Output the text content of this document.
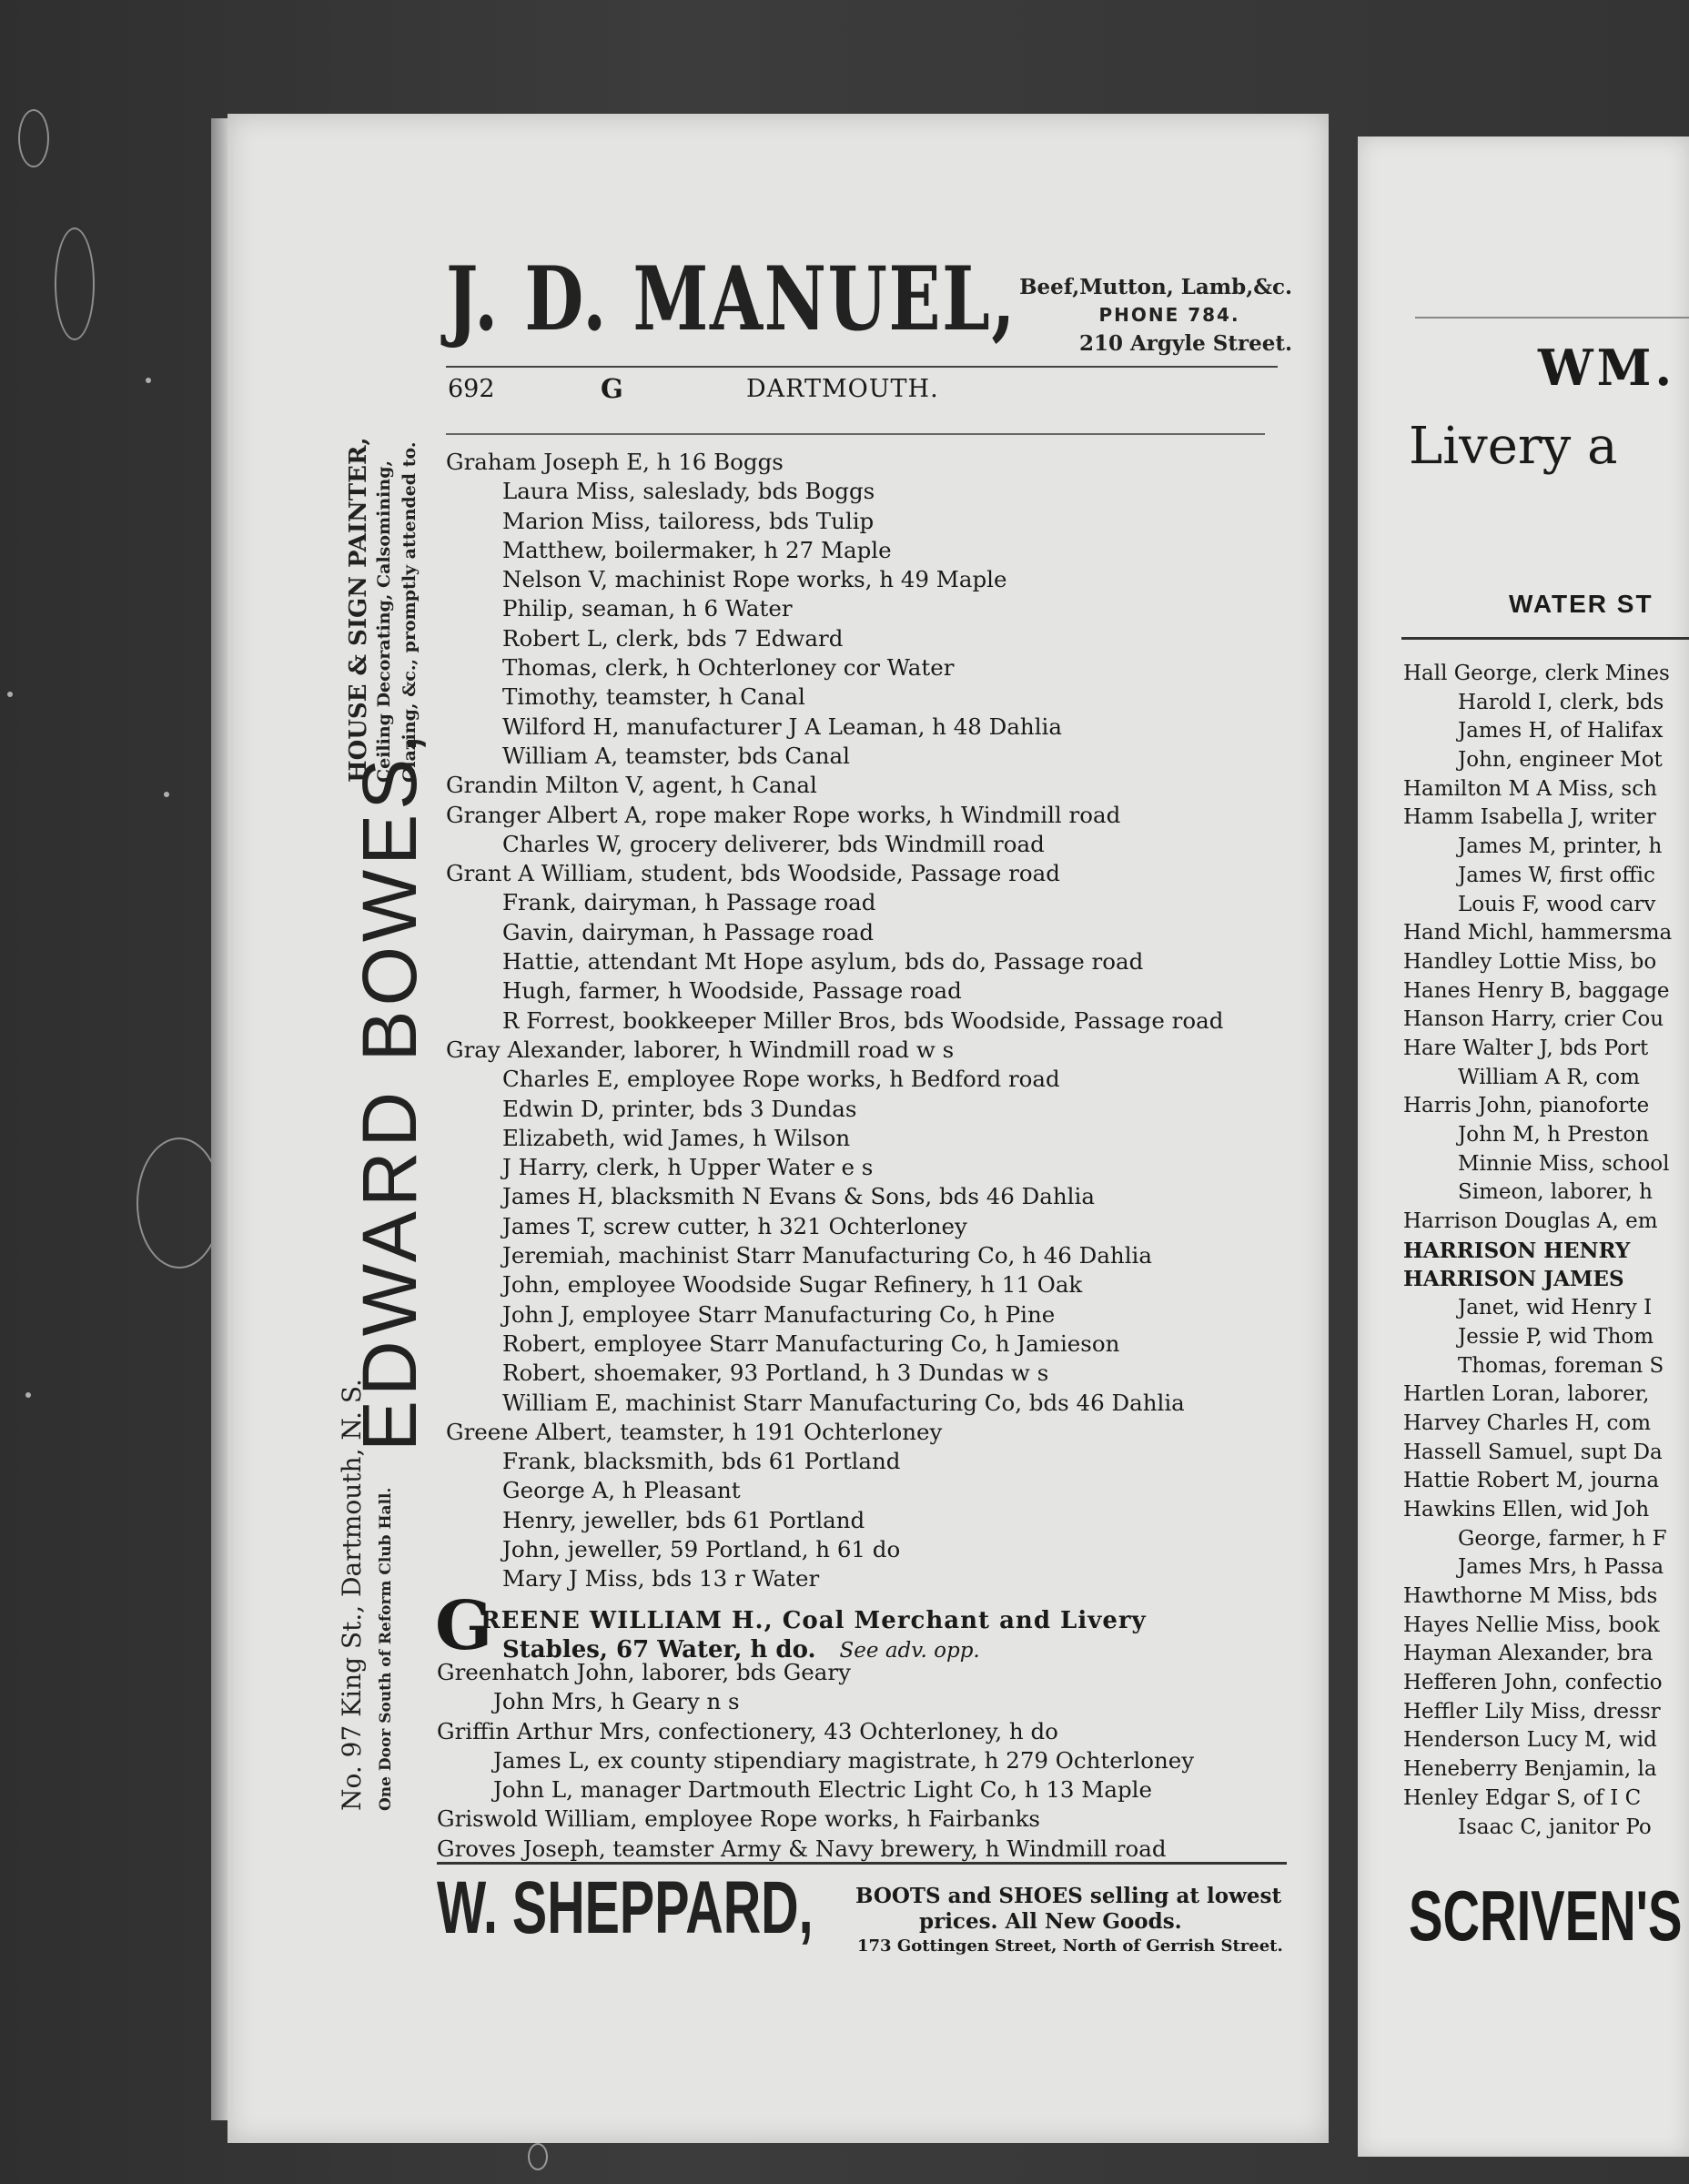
J. D. MANUEL, Beef,Mutton, Lamb,&c.
PHONE 784.
210 Argyle Street.
692	G	DARTMOUTH.
No. 97 King St., Dartmouth, N. S. One Door South of Reform Club Hall.
EDWARD BOWES,
HOUSE & SIGN PAINTER, Ceiling Decorating, Calsomining, Glazing, &c., promptly attended to. Graham Joseph E, h 16 Boggs
Laura Miss, saleslady, bds Boggs
Marion Miss, tailoress, bds Tulip
Matthew, boilermaker, h 27 Maple
Nelson V, machinist Rope works, h 49 Maple
Philip, seaman, h 6 Water
Robert L, clerk, bds 7 Edward
Thomas, clerk, h Ochterloney cor Water
Timothy, teamster, h Canal
Wilford H, manufacturer J A Leaman, h 48 Dahlia
William A, teamster, bds Canal
Grandin Milton V, agent, h Canal
Granger Albert A, rope maker Rope works, h Windmill road
Charles W, grocery deliverer, bds Windmill road
Grant A William, student, bds Woodside, Passage road
Frank, dairyman, h Passage road
Gavin, dairyman, h Passage road
Hattie, attendant Mt Hope asylum, bds do, Passage road
Hugh, farmer, h Woodside, Passage road
R Forrest, bookkeeper Miller Bros, bds Woodside, Passage road
Gray Alexander, laborer, h Windmill road w s
Charles E, employee Rope works, h Bedford road
Edwin D, printer, bds 3 Dundas
Elizabeth, wid James, h Wilson
J Harry, clerk, h Upper Water e s
James H, blacksmith N Evans & Sons, bds 46 Dahlia
James T, screw cutter, h 321 Ochterloney
Jeremiah, machinist Starr Manufacturing Co, h 46 Dahlia
John, employee Woodside Sugar Refinery, h 11 Oak
John J, employee Starr Manufacturing Co, h Pine
Robert, employee Starr Manufacturing Co, h Jamieson
Robert, shoemaker, 93 Portland, h 3 Dundas w s
William E, machinist Starr Manufacturing Co, bds 46 Dahlia
Greene Albert, teamster, h 191 Ochterloney
Frank, blacksmith, bds 61 Portland
George A, h Pleasant
Henry, jeweller, bds 61 Portland
John, jeweller, 59 Portland, h 61 do
Mary J Miss, bds 13 r Water
G
REENE WILLIAM H., Coal Merchant and Livery
Stables, 67 Water, h do. See adv. opp.
Greenhatch John, laborer, bds Geary
John Mrs, h Geary n s
Griffin Arthur Mrs, confectionery, 43 Ochterloney, h do
James L, ex county stipendiary magistrate, h 279 Ochterloney
John L, manager Dartmouth Electric Light Co, h 13 Maple
Griswold William, employee Rope works, h Fairbanks
Groves Joseph, teamster Army & Navy brewery, h Windmill road
W. SHEPPARD, BOOTS and SHOES selling at lowest
prices. All New Goods.
173 Gottingen Street, North of Gerrish Street.
WM.
Livery a
WATER ST
Hall George, clerk Mines
Harold I, clerk, bds
James H, of Halifax
John, engineer Mot
Hamilton M A Miss, sch
Hamm Isabella J, writer
James M, printer, h
James W, first offic
Louis F, wood carv
Hand Michl, hammersma
Handley Lottie Miss, bo
Hanes Henry B, baggage
Hanson Harry, crier Cou
Hare Walter J, bds Port
William A R, com
Harris John, pianoforte
John M, h Preston
Minnie Miss, school
Simeon, laborer, h
Harrison Douglas A, em
HARRISON HENRY
HARRISON JAMES
Janet, wid Henry I
Jessie P, wid Thom
Thomas, foreman S
Hartlen Loran, laborer,
Harvey Charles H, com
Hassell Samuel, supt Da
Hattie Robert M, journa
Hawkins Ellen, wid Joh
George, farmer, h F
James Mrs, h Passa
Hawthorne M Miss, bds
Hayes Nellie Miss, book
Hayman Alexander, bra
Hefferen John, confectio
Heffler Lily Miss, dressr
Henderson Lucy M, wid
Heneberry Benjamin, la
Henley Edgar S, of I C
Isaac C, janitor Po
SCRIVEN'S
